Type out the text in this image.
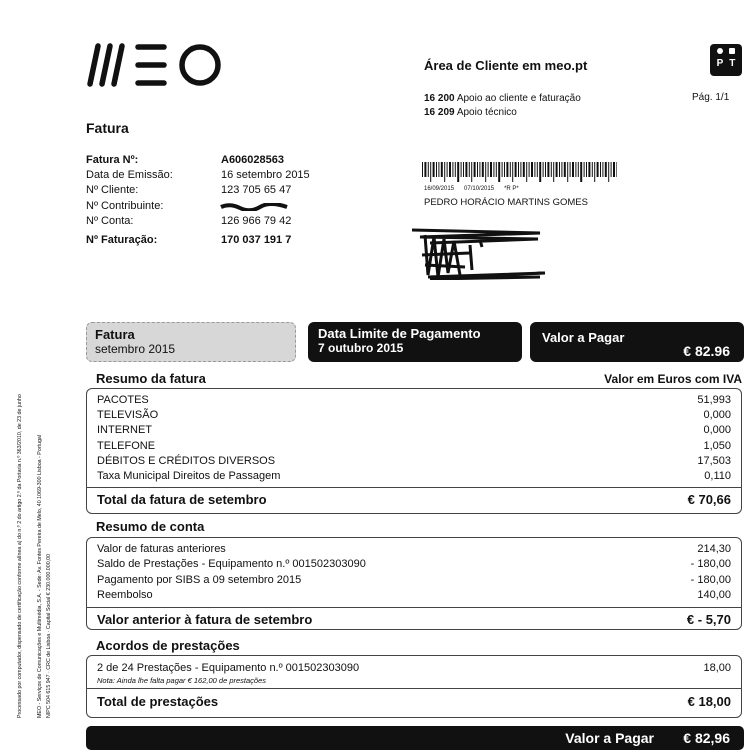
Área de Cliente em meo.pt
16 200 Apoio ao cliente e faturação
16 209 Apoio técnico
Pág. 1/1
PT
Fatura
Fatura Nº:	A606028563
Data de Emissão:	16 setembro 2015
Nº Cliente:	123 705 65 47
Nº Contribuinte:
Nº Conta:	126 966 79 42
Nº Faturação:	170 037 191 7
16/09/2015      07/10/2015      *R P*
PEDRO HORÁCIO MARTINS GOMES
Processado por computador, dispensado de certificação conforme alínea a) do n.º 2 do artigo 2.º da Portaria n.º 363/2010, de 23 de junho	MEO - Serviços de Comunicações e Multimédia, S.A. - Sede: Av. Fontes Pereira de Melo, 40 1069-300 Lisboa - Portugal NIPC 504 615 947 · CRC de Lisboa · Capital Social € 230.000.000,00
Fatura
setembro 2015
Data Limite de Pagamento
7 outubro 2015
Valor a Pagar
€ 82.96
Resumo da fatura	Valor em Euros com IVA
PACOTES	51,993
TELEVISÃO	0,000
INTERNET	0,000
TELEFONE	1,050
DÉBITOS E CRÉDITOS DIVERSOS	17,503
Taxa Municipal Direitos de Passagem	0,110
Total da fatura de setembro	€ 70,66
Resumo de conta
Valor de faturas anteriores	214,30
Saldo de Prestações - Equipamento n.º 001502303090	- 180,00
Pagamento por SIBS a 09 setembro 2015	- 180,00
Reembolso	140,00
Valor anterior à fatura de setembro	€ - 5,70
Acordos de prestações
2 de 24 Prestações - Equipamento n.º 001502303090	18,00
Nota: Ainda lhe falta pagar € 162,00 de prestações
Total de prestações	€ 18,00
Valor a Pagar € 82,96
